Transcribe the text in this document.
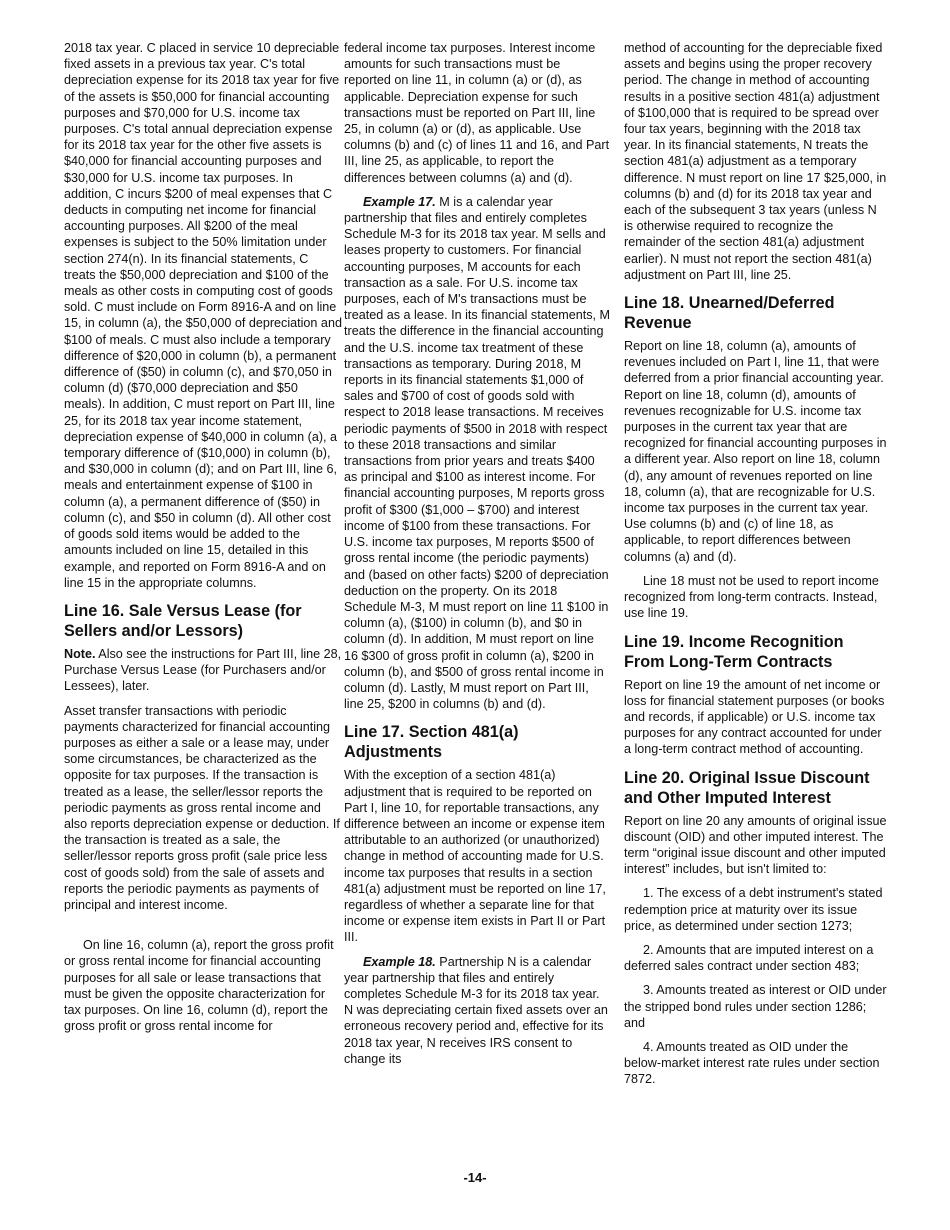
2018 tax year. C placed in service 10 depreciable fixed assets in a previous tax year. C's total depreciation expense for its 2018 tax year for five of the assets is $50,000 for financial accounting purposes and $70,000 for U.S. income tax purposes. C's total annual depreciation expense for its 2018 tax year for the other five assets is $40,000 for financial accounting purposes and $30,000 for U.S. income tax purposes. In addition, C incurs $200 of meal expenses that C deducts in computing net income for financial accounting purposes. All $200 of the meal expenses is subject to the 50% limitation under section 274(n). In its financial statements, C treats the $50,000 depreciation and $100 of the meals as other costs in computing cost of goods sold. C must include on Form 8916-A and on line 15, in column (a), the $50,000 of depreciation and $100 of meals. C must also include a temporary difference of $20,000 in column (b), a permanent difference of ($50) in column (c), and $70,050 in column (d) ($70,000 depreciation and $50 meals). In addition, C must report on Part III, line 25, for its 2018 tax year income statement, depreciation expense of $40,000 in column (a), a temporary difference of ($10,000) in column (b), and $30,000 in column (d); and on Part III, line 6, meals and entertainment expense of $100 in column (a), a permanent difference of ($50) in column (c), and $50 in column (d). All other cost of goods sold items would be added to the amounts included on line 15, detailed in this example, and reported on Form 8916-A and on line 15 in the appropriate columns.

Line 16. Sale Versus Lease (for Sellers and/or Lessors)

Note. Also see the instructions for Part III, line 28, Purchase Versus Lease (for Purchasers and/or Lessees), later.

Asset transfer transactions with periodic payments characterized for financial accounting purposes as either a sale or a lease may, under some circumstances, be characterized as the opposite for tax purposes. If the transaction is treated as a lease, the seller/lessor reports the periodic payments as gross rental income and also reports depreciation expense or deduction. If the transaction is treated as a sale, the seller/lessor reports gross profit (sale price less cost of goods sold) from the sale of assets and reports the periodic payments as payments of principal and interest income.

On line 16, column (a), report the gross profit or gross rental income for financial accounting purposes for all sale or lease transactions that must be given the opposite characterization for tax purposes. On line 16, column (d), report the gross profit or gross rental income for

federal income tax purposes. Interest income amounts for such transactions must be reported on line 11, in column (a) or (d), as applicable. Depreciation expense for such transactions must be reported on Part III, line 25, in column (a) or (d), as applicable. Use columns (b) and (c) of lines 11 and 16, and Part III, line 25, as applicable, to report the differences between columns (a) and (d).

Example 17. M is a calendar year partnership that files and entirely completes Schedule M-3 for its 2018 tax year. M sells and leases property to customers. For financial accounting purposes, M accounts for each transaction as a sale. For U.S. income tax purposes, each of M's transactions must be treated as a lease. In its financial statements, M treats the difference in the financial accounting and the U.S. income tax treatment of these transactions as temporary. During 2018, M reports in its financial statements $1,000 of sales and $700 of cost of goods sold with respect to 2018 lease transactions. M receives periodic payments of $500 in 2018 with respect to these 2018 transactions and similar transactions from prior years and treats $400 as principal and $100 as interest income. For financial accounting purposes, M reports gross profit of $300 ($1,000 – $700) and interest income of $100 from these transactions. For U.S. income tax purposes, M reports $500 of gross rental income (the periodic payments) and (based on other facts) $200 of depreciation deduction on the property. On its 2018 Schedule M-3, M must report on line 11 $100 in column (a), ($100) in column (b), and $0 in column (d). In addition, M must report on line 16 $300 of gross profit in column (a), $200 in column (b), and $500 of gross rental income in column (d). Lastly, M must report on Part III, line 25, $200 in columns (b) and (d).

Line 17. Section 481(a) Adjustments

With the exception of a section 481(a) adjustment that is required to be reported on Part I, line 10, for reportable transactions, any difference between an income or expense item attributable to an authorized (or unauthorized) change in method of accounting made for U.S. income tax purposes that results in a section 481(a) adjustment must be reported on line 17, regardless of whether a separate line for that income or expense item exists in Part II or Part III.

Example 18. Partnership N is a calendar year partnership that files and entirely completes Schedule M-3 for its 2018 tax year. N was depreciating certain fixed assets over an erroneous recovery period and, effective for its 2018 tax year, N receives IRS consent to change its

method of accounting for the depreciable fixed assets and begins using the proper recovery period. The change in method of accounting results in a positive section 481(a) adjustment of $100,000 that is required to be spread over four tax years, beginning with the 2018 tax year. In its financial statements, N treats the section 481(a) adjustment as a temporary difference. N must report on line 17 $25,000, in columns (b) and (d) for its 2018 tax year and each of the subsequent 3 tax years (unless N is otherwise required to recognize the remainder of the section 481(a) adjustment earlier). N must not report the section 481(a) adjustment on Part III, line 25.

Line 18. Unearned/Deferred Revenue

Report on line 18, column (a), amounts of revenues included on Part I, line 11, that were deferred from a prior financial accounting year. Report on line 18, column (d), amounts of revenues recognizable for U.S. income tax purposes in the current tax year that are recognized for financial accounting purposes in a different year. Also report on line 18, column (d), any amount of revenues reported on line 18, column (a), that are recognizable for U.S. income tax purposes in the current tax year. Use columns (b) and (c) of line 18, as applicable, to report differences between columns (a) and (d).

Line 18 must not be used to report income recognized from long-term contracts. Instead, use line 19.

Line 19. Income Recognition From Long-Term Contracts

Report on line 19 the amount of net income or loss for financial statement purposes (or books and records, if applicable) or U.S. income tax purposes for any contract accounted for under a long-term contract method of accounting.

Line 20. Original Issue Discount and Other Imputed Interest

Report on line 20 any amounts of original issue discount (OID) and other imputed interest. The term “original issue discount and other imputed interest” includes, but isn't limited to:

1. The excess of a debt instrument's stated redemption price at maturity over its issue price, as determined under section 1273;

2. Amounts that are imputed interest on a deferred sales contract under section 483;

3. Amounts treated as interest or OID under the stripped bond rules under section 1286; and

4. Amounts treated as OID under the below-market interest rate rules under section 7872.

-14-
